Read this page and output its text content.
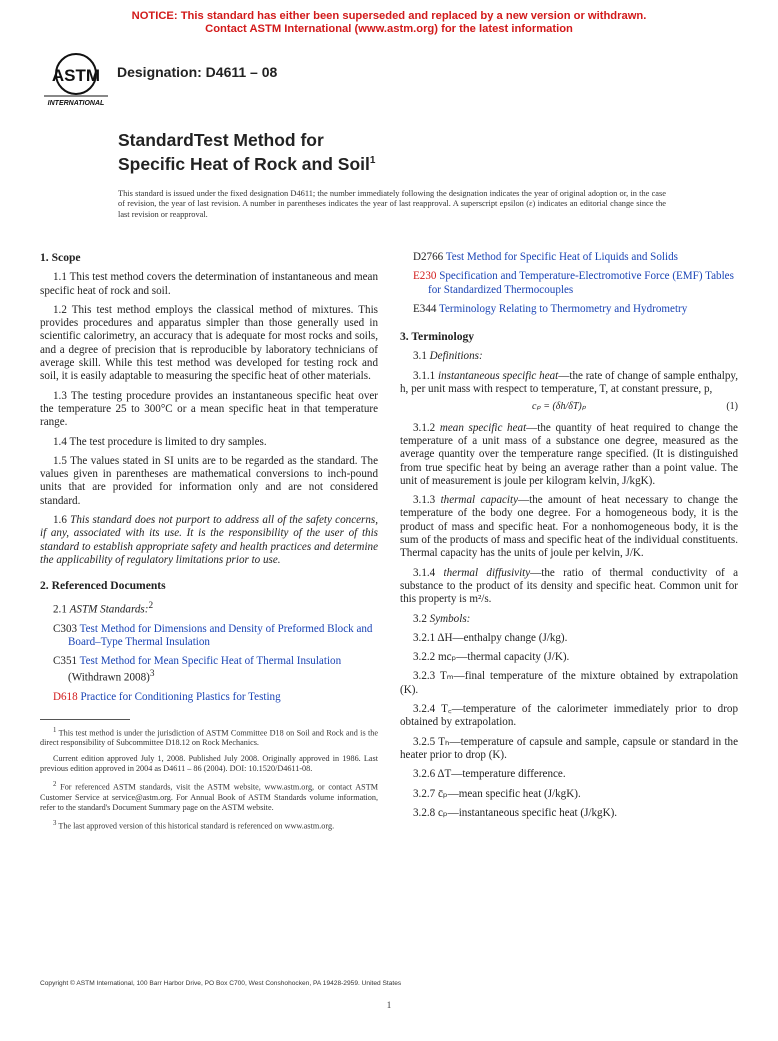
NOTICE: This standard has either been superseded and replaced by a new version or withdrawn.
Contact ASTM International (www.astm.org) for the latest information
ASTM
INTERNATIONAL
Designation: D4611 – 08
StandardTest Method for
Specific Heat of Rock and Soil$^1$
This standard is issued under the fixed designation D4611; the number immediately following the designation indicates the year of original adoption or, in the case of revision, the year of last revision. A number in parentheses indicates the year of last reapproval. A superscript epsilon (ε) indicates an editorial change since the last revision or reapproval.
1. Scope

1.1 This test method covers the determination of instantaneous and mean specific heat of rock and soil.

1.2 This test method employs the classical method of mixtures. This provides procedures and apparatus simpler than those generally used in scientific calorimetry, an accuracy that is adequate for most rocks and soils, and a degree of precision that is reproducible by laboratory technicians of average skill. While this test method was developed for testing rock and soil, it is easily adaptable to measuring the specific heat of other materials.

1.3 The testing procedure provides an instantaneous specific heat over the temperature 25 to 300°C or a mean specific heat in that temperature range.

1.4 The test procedure is limited to dry samples.

1.5 The values stated in SI units are to be regarded as the standard. The values given in parentheses are mathematical conversions to inch-pound units that are provided for information only and are not considered standard.

1.6 This standard does not purport to address all of the safety concerns, if any, associated with its use. It is the responsibility of the user of this standard to establish appropriate safety and health practices and determine the applicability of regulatory limitations prior to use.

2. Referenced Documents

2.1 ASTM Standards:$^2$

C303 Test Method for Dimensions and Density of Preformed Block and Board–Type Thermal Insulation

C351 Test Method for Mean Specific Heat of Thermal Insulation (Withdrawn 2008)$^3$

D618 Practice for Conditioning Plastics for Testing

$^1$ This test method is under the jurisdiction of ASTM Committee D18 on Soil and Rock and is the direct responsibility of Subcommittee D18.12 on Rock Mechanics.

Current edition approved July 1, 2008. Published July 2008. Originally approved in 1986. Last previous edition approved in 2004 as D4611 – 86 (2004). DOI: 10.1520/D4611-08.

$^2$ For referenced ASTM standards, visit the ASTM website, www.astm.org, or contact ASTM Customer Service at service@astm.org. For Annual Book of ASTM Standards volume information, refer to the standard's Document Summary page on the ASTM website.

$^3$ The last approved version of this historical standard is referenced on www.astm.org.

D2766 Test Method for Specific Heat of Liquids and Solids

E230 Specification and Temperature-Electromotive Force (EMF) Tables for Standardized Thermocouples

E344 Terminology Relating to Thermometry and Hydrometry

3. Terminology

3.1 Definitions:

3.1.1 instantaneous specific heat—the rate of change of sample enthalpy, h, per unit mass with respect to temperature, T, at constant pressure, p,

cₚ = (δh/δT)ₚ	(1)

3.1.2 mean specific heat—the quantity of heat required to change the temperature of a unit mass of a substance one degree, measured as the average quantity over the temperature range specified. (It is distinguished from true specific heat by being an average rather than a point value. The unit of measurement is joule per kilogram kelvin, J/kgK).

3.1.3 thermal capacity—the amount of heat necessary to change the temperature of the body one degree. For a homogeneous body, it is the product of mass and specific heat. For a nonhomogeneous body, it is the sum of the products of mass and specific heat of the individual constituents. Thermal capacity has the units of joule per kelvin, J/K.

3.1.4 thermal diffusivity—the ratio of thermal conductivity of a substance to the product of its density and specific heat. Common unit for this property is m²/s.

3.2 Symbols:

3.2.1 ΔH—enthalpy change (J/kg).

3.2.2 mcₚ—thermal capacity (J/K).

3.2.3 Tₘ—final temperature of the mixture obtained by extrapolation (K).

3.2.4 T꜀—temperature of the calorimeter immediately prior to drop obtained by extrapolation.

3.2.5 Tₕ—temperature of capsule and sample, capsule or standard in the heater prior to drop (K).

3.2.6 ΔT—temperature difference.

3.2.7 c̄ₚ—mean specific heat (J/kgK).

3.2.8 cₚ—instantaneous specific heat (J/kgK).

Copyright © ASTM International, 100 Barr Harbor Drive, PO Box C700, West Conshohocken, PA 19428-2959. United States
1
